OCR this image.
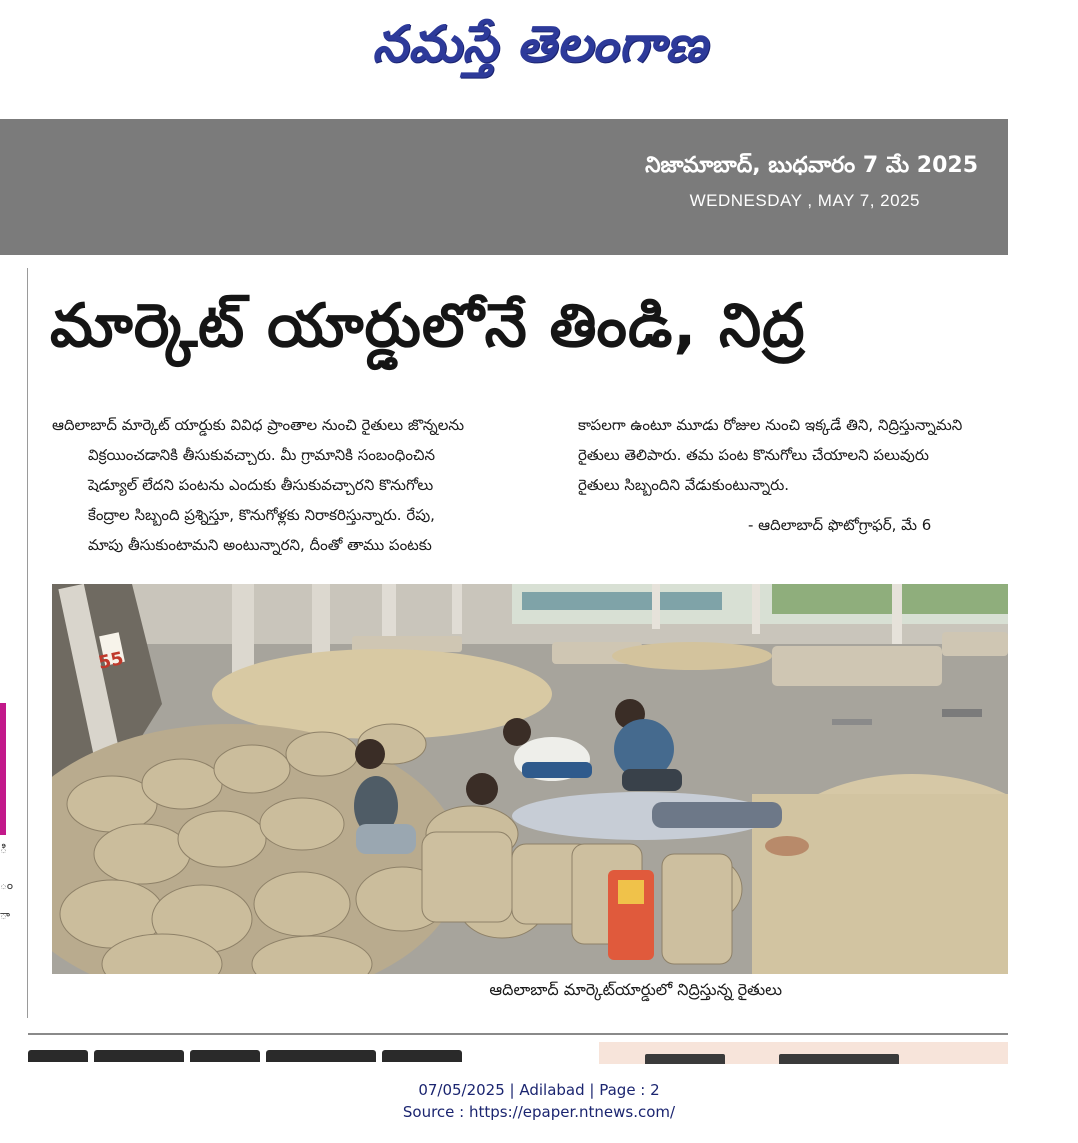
నమస్తే తెలంగాణ
నిజామాబాద్, బుధవారం 7 మే 2025
WEDNESDAY , MAY 7, 2025
ి
ం
ా
మార్కెట్ యార్డులోనే తిండి, నిద్ర

ఆదిలాబాద్ మార్కెట్ యార్డుకు వివిధ ప్రాంతాల నుంచి రైతులు జొన్నలను

విక్రయించడానికి తీసుకువచ్చారు. మీ గ్రామానికి సంబంధించిన

షెడ్యూల్ లేదని పంటను ఎందుకు తీసుకువచ్చారని కొనుగోలు

కేంద్రాల సిబ్బంది ప్రశ్నిస్తూ, కొనుగోళ్లకు నిరాకరిస్తున్నారు. రేపు,

మాపు తీసుకుంటామని అంటున్నారని, దీంతో తాము పంటకు

కాపలగా ఉంటూ మూడు రోజుల నుంచి ఇక్కడే తిని, నిద్రిస్తున్నామని

రైతులు తెలిపారు. తమ పంట కొనుగోలు చేయాలని పలువురు

రైతులు సిబ్బందిని వేడుకుంటున్నారు.

- ఆదిలాబాద్ ఫొటోగ్రాఫర్, మే 6
55
ఆదిలాబాద్ మార్కెట్‌యార్డులో నిద్రిస్తున్న రైతులు
07/05/2025 | Adilabad | Page : 2
Source : https://epaper.ntnews.com/
